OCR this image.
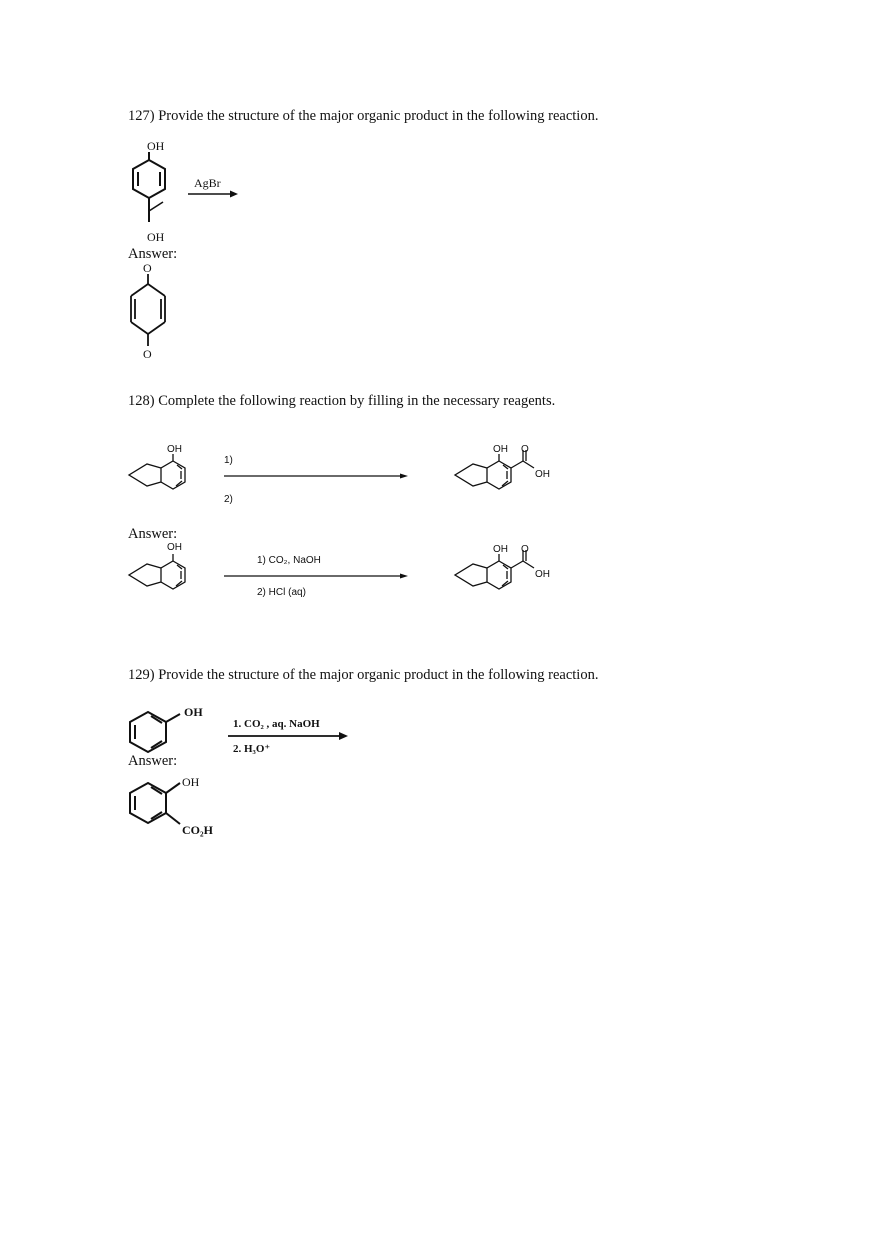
127) Provide the structure of the major organic product in the following reaction.
OH
OH
AgBr
Answer:
O
O
128) Complete the following reaction by filling in the necessary reagents.
OH
1)
2)
OH O
OH
Answer:
OH
1) CO₂, NaOH
2) HCl (aq)
OH O
OH
129) Provide the structure of the major organic product in the following reaction.
OH
1. CO₂ , aq. NaOH
2. H₃O⁺
Answer:
OH
CO₂H
